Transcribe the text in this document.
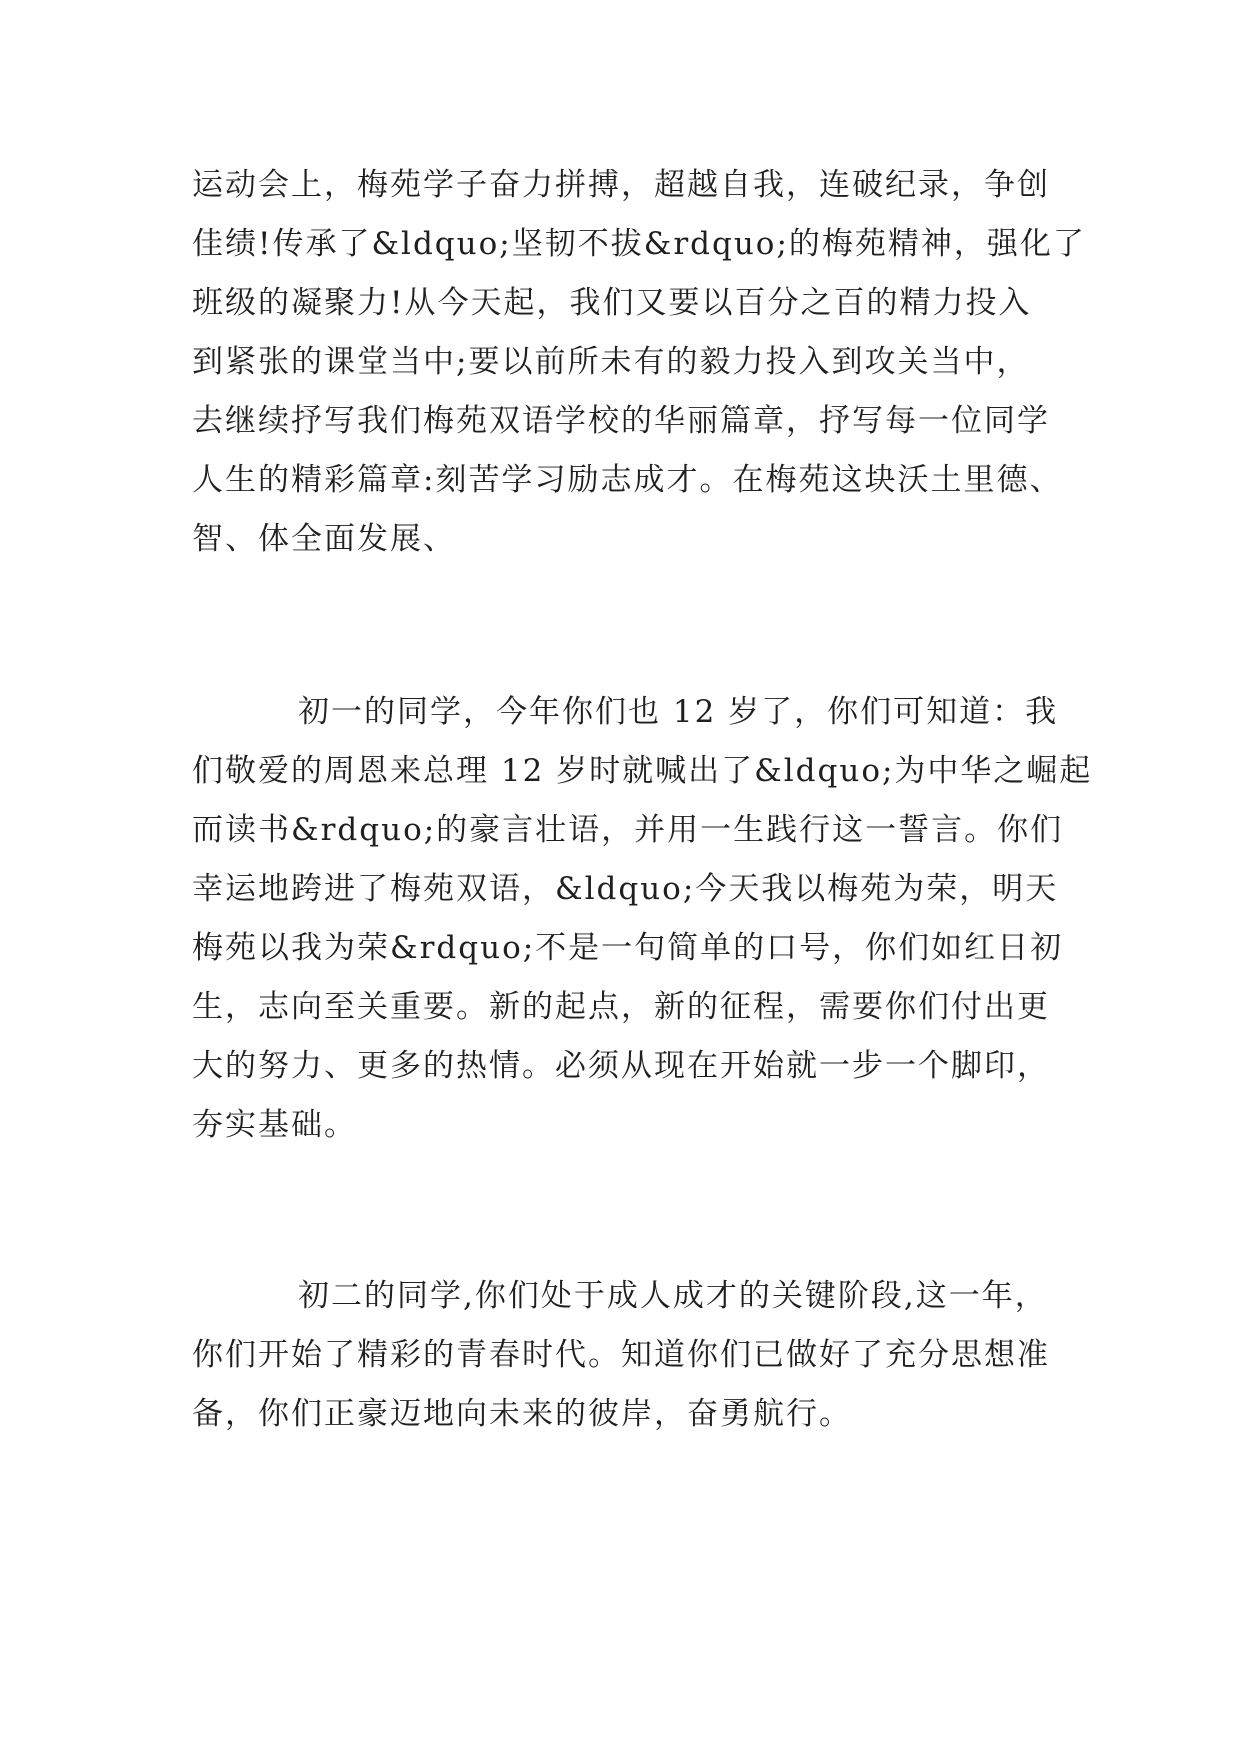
运动会上，梅苑学子奋力拼搏，超越自我，连破纪录，争创
佳绩!传承了&ldquo;坚韧不拔&rdquo;的梅苑精神，强化了
班级的凝聚力!从今天起，我们又要以百分之百的精力投入
到紧张的课堂当中;要以前所未有的毅力投入到攻关当中，
去继续抒写我们梅苑双语学校的华丽篇章，抒写每一位同学
人生的精彩篇章:刻苦学习励志成才。在梅苑这块沃土里德、
智、体全面发展、
初一的同学，今年你们也 12 岁了，你们可知道：我
们敬爱的周恩来总理 12 岁时就喊出了&ldquo;为中华之崛起
而读书&rdquo;的豪言壮语，并用一生践行这一誓言。你们
幸运地跨进了梅苑双语，&ldquo;今天我以梅苑为荣，明天
梅苑以我为荣&rdquo;不是一句简单的口号，你们如红日初
生，志向至关重要。新的起点，新的征程，需要你们付出更
大的努力、更多的热情。必须从现在开始就一步一个脚印，
夯实基础。
初二的同学,你们处于成人成才的关键阶段,这一年，
你们开始了精彩的青春时代。知道你们已做好了充分思想准
备，你们正豪迈地向未来的彼岸，奋勇航行。
